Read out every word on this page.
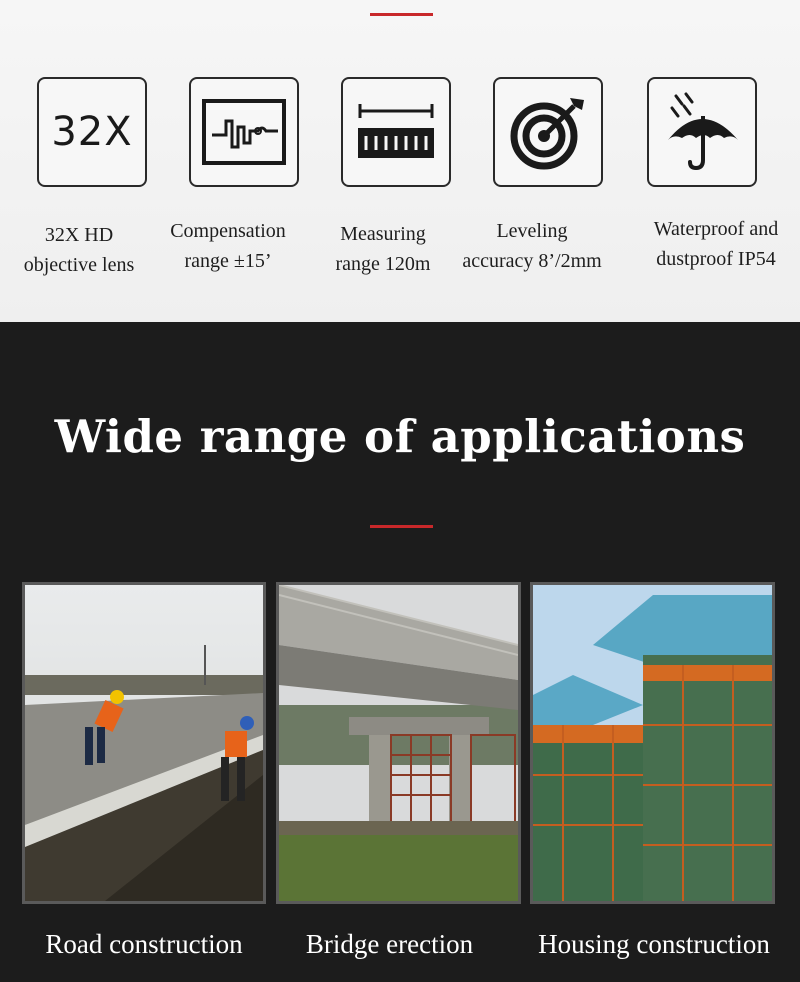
32X
32X HD
objective lens
Compensation
range ±15’
Measuring
range 120m
Leveling
accuracy 8’/2mm
Waterproof and
dustproof IP54
Wide range of applications
Road construction	Bridge erection	Housing construction
